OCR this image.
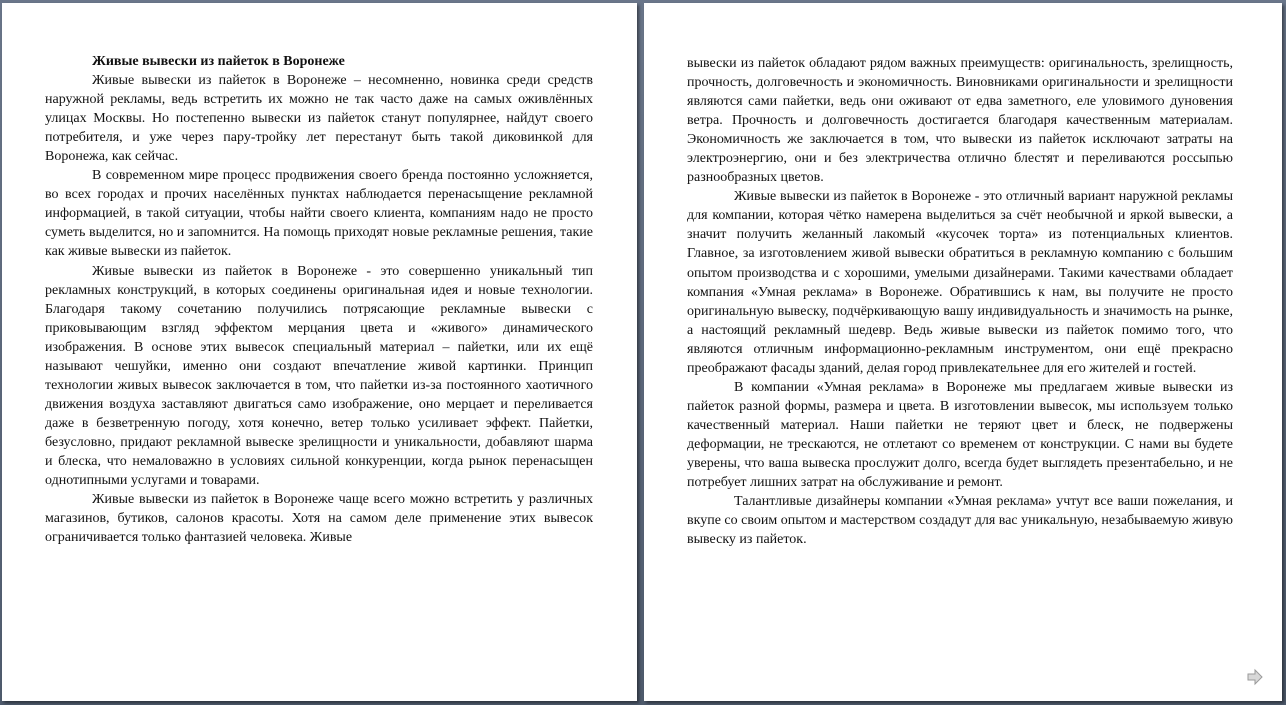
Живые вывески из пайеток в Воронеже

Живые вывески из пайеток в Воронеже – несомненно, новинка среди средств наружной рекламы, ведь встретить их можно не так часто даже на самых оживлённых улицах Москвы. Но постепенно вывески из пайеток станут популярнее, найдут своего потребителя, и уже через пару-тройку лет перестанут быть такой диковинкой для Воронежа, как сейчас.

В современном мире процесс продвижения своего бренда постоянно усложняется, во всех городах и прочих населённых пунктах наблюдается перенасыщение рекламной информацией, в такой ситуации, чтобы найти своего клиента, компаниям надо не просто суметь выделится, но и запомнится. На помощь приходят новые рекламные решения, такие как живые вывески из пайеток.

Живые вывески из пайеток в Воронеже - это совершенно уникальный тип рекламных конструкций, в которых соединены оригинальная идея и новые технологии. Благодаря такому сочетанию получились потрясающие рекламные вывески с приковывающим взгляд эффектом мерцания цвета и «живого» динамического изображения. В основе этих вывесок специальный материал – пайетки, или их ещё называют чешуйки, именно они создают впечатление живой картинки. Принцип технологии живых вывесок заключается в том, что пайетки из-за постоянного хаотичного движения воздуха заставляют двигаться само изображение, оно мерцает и переливается даже в безветренную погоду, хотя конечно, ветер только усиливает эффект. Пайетки, безусловно, придают рекламной вывеске зрелищности и уникальности, добавляют шарма и блеска, что немаловажно в условиях сильной конкуренции, когда рынок перенасыщен однотипными услугами и товарами.

Живые вывески из пайеток в Воронеже чаще всего можно встретить у различных магазинов, бутиков, салонов красоты. Хотя на самом деле применение этих вывесок ограничивается только фантазией человека. Живые

вывески из пайеток обладают рядом важных преимуществ: оригинальность, зрелищность, прочность, долговечность и экономичность. Виновниками оригинальности и зрелищности являются сами пайетки, ведь они оживают от едва заметного, еле уловимого дуновения ветра. Прочность и долговечность достигается благодаря качественным материалам. Экономичность же заключается в том, что вывески из пайеток исключают затраты на электроэнергию, они и без электричества отлично блестят и переливаются россыпью разнообразных цветов.

Живые вывески из пайеток в Воронеже - это отличный вариант наружной рекламы для компании, которая чётко намерена выделиться за счёт необычной и яркой вывески, а значит получить желанный лакомый «кусочек торта» из потенциальных клиентов. Главное, за изготовлением живой вывески обратиться в рекламную компанию с большим опытом производства и с хорошими, умелыми дизайнерами. Такими качествами обладает компания «Умная реклама» в Воронеже. Обратившись к нам, вы получите не просто оригинальную вывеску, подчёркивающую вашу индивидуальность и значимость на рынке, а настоящий рекламный шедевр. Ведь живые вывески из пайеток помимо того, что являются отличным информационно-рекламным инструментом, они ещё прекрасно преображают фасады зданий, делая город привлекательнее для его жителей и гостей.

В компании «Умная реклама» в Воронеже мы предлагаем живые вывески из пайеток разной формы, размера и цвета. В изготовлении вывесок, мы используем только качественный материал. Наши пайетки не теряют цвет и блеск, не подвержены деформации, не трескаются, не отлетают со временем от конструкции. С нами вы будете уверены, что ваша вывеска прослужит долго, всегда будет выглядеть презентабельно, и не потребует лишних затрат на обслуживание и ремонт.

Талантливые дизайнеры компании «Умная реклама» учтут все ваши пожелания, и вкупе со своим опытом и мастерством создадут для вас уникальную, незабываемую живую вывеску из пайеток.
